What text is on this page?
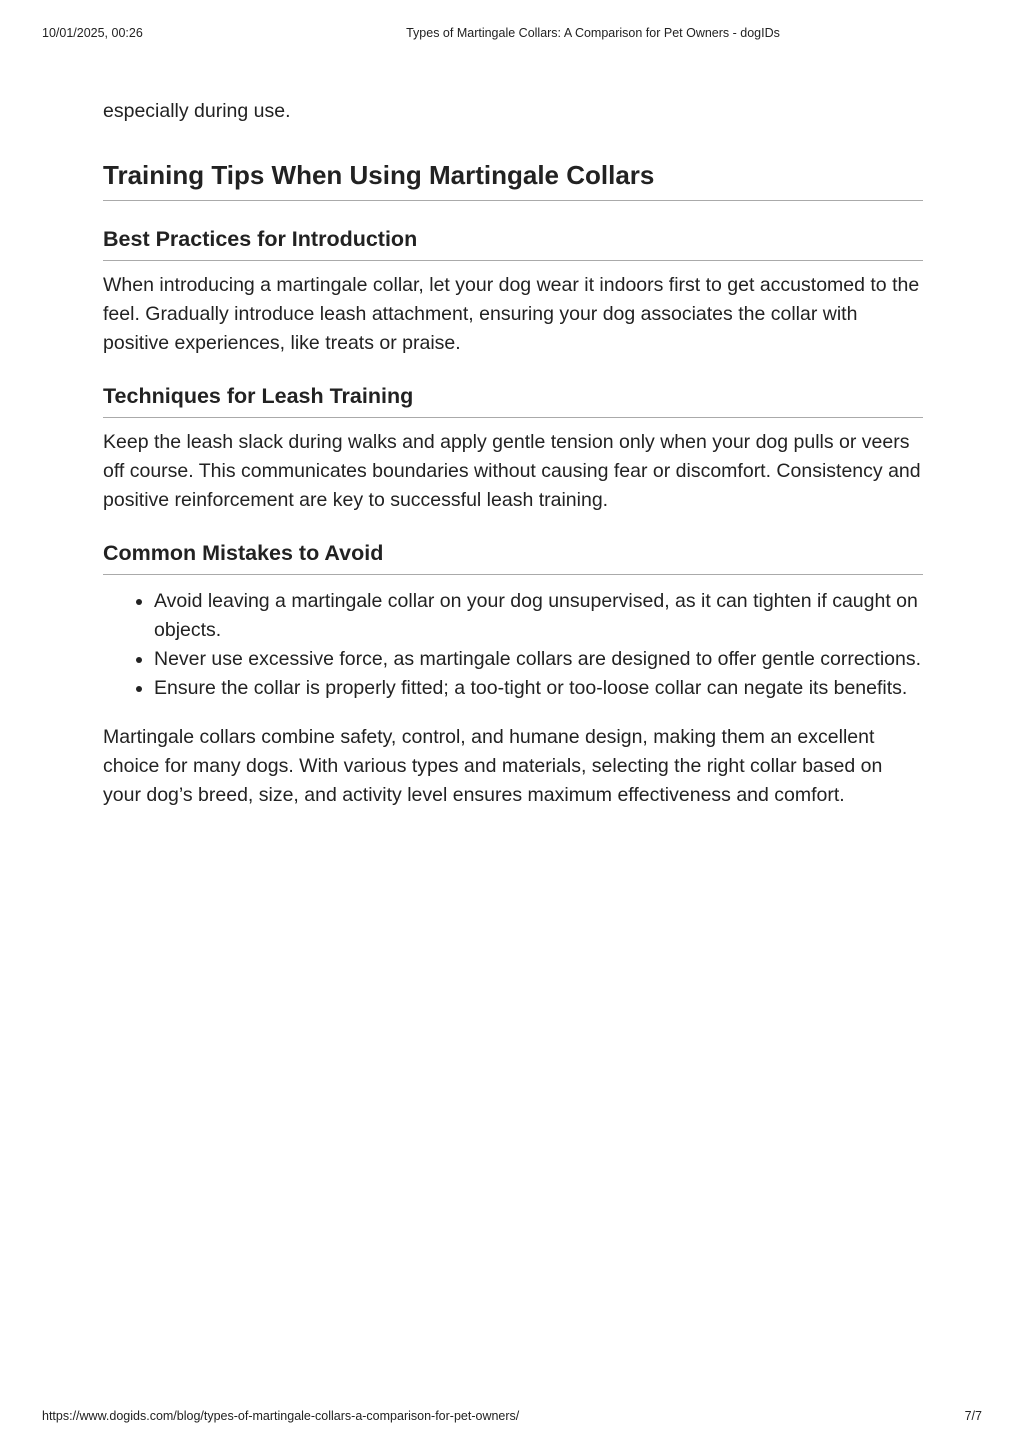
10/01/2025, 00:26	Types of Martingale Collars: A Comparison for Pet Owners - dogIDs

especially during use.

Training Tips When Using Martingale Collars
Best Practices for Introduction

When introducing a martingale collar, let your dog wear it indoors first to get accustomed to the feel. Gradually introduce leash attachment, ensuring your dog associates the collar with positive experiences, like treats or praise.

Techniques for Leash Training

Keep the leash slack during walks and apply gentle tension only when your dog pulls or veers off course. This communicates boundaries without causing fear or discomfort. Consistency and positive reinforcement are key to successful leash training.

Common Mistakes to Avoid
• Avoid leaving a martingale collar on your dog unsupervised, as it can tighten if caught on objects.
• Never use excessive force, as martingale collars are designed to offer gentle corrections.
• Ensure the collar is properly fitted; a too-tight or too-loose collar can negate its benefits.

Martingale collars combine safety, control, and humane design, making them an excellent choice for many dogs. With various types and materials, selecting the right collar based on your dog’s breed, size, and activity level ensures maximum effectiveness and comfort.

https://www.dogids.com/blog/types-of-martingale-collars-a-comparison-for-pet-owners/	7/7
